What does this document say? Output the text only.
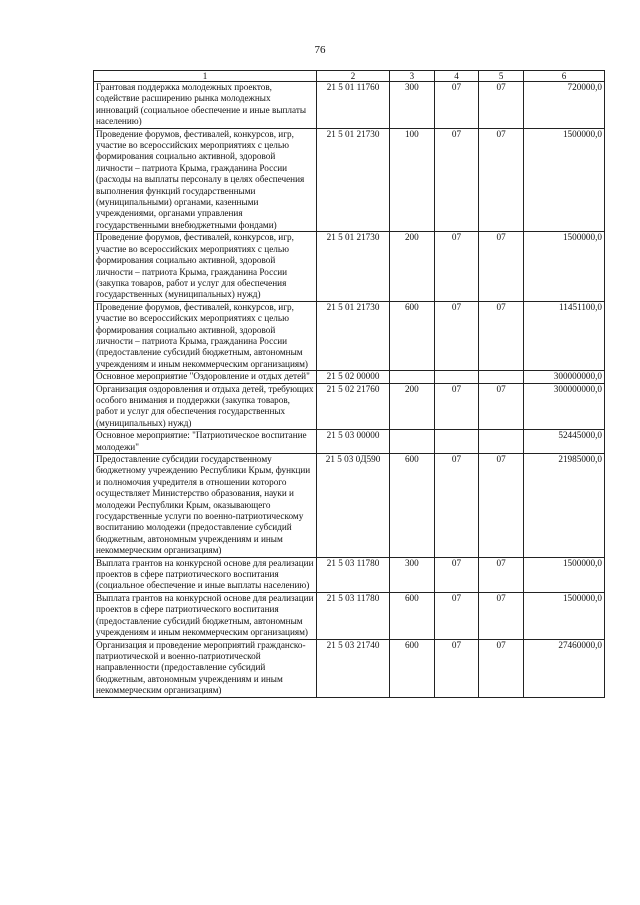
76
1	2	3	4	5	6
Грантовая поддержка молодежных проектов, содействие расширению рынка молодежных инноваций (социальное обеспечение и иные выплаты населению)	21 5 01 11760	300	07	07	720000,0
Проведение форумов, фестивалей, конкурсов, игр, участие во всероссийских мероприятиях с целью формирования социально активной, здоровой личности – патриота Крыма, гражданина России (расходы на выплаты персоналу в целях обеспечения выполнения функций государственными (муниципальными) органами, казенными учреждениями, органами управления государственными внебюджетными фондами)	21 5 01 21730	100	07	07	1500000,0
Проведение форумов, фестивалей, конкурсов, игр, участие во всероссийских мероприятиях с целью формирования социально активной, здоровой личности – патриота Крыма, гражданина России (закупка товаров, работ и услуг для обеспечения государственных (муниципальных) нужд)	21 5 01 21730	200	07	07	1500000,0
Проведение форумов, фестивалей, конкурсов, игр, участие во всероссийских мероприятиях с целью формирования социально активной, здоровой личности – патриота Крыма, гражданина России (предоставление субсидий бюджетным, автономным учреждениям и иным некоммерческим организациям)	21 5 01 21730	600	07	07	11451100,0
Основное мероприятие "Оздоровление и отдых детей"	21 5 02 00000				300000000,0
Организация оздоровления и отдыха детей, требующих особого внимания и поддержки (закупка товаров, работ и услуг для обеспечения государственных (муниципальных) нужд)	21 5 02 21760	200	07	07	300000000,0
Основное мероприятие: "Патриотическое воспитание молодежи"	21 5 03 00000				52445000,0
Предоставление субсидии государственному бюджетному учреждению Республики Крым, функции и полномочия учредителя в отношении которого осуществляет Министерство образования, науки и молодежи Республики Крым, оказывающего государственные услуги по военно-патриотическому воспитанию молодежи (предоставление субсидий бюджетным, автономным учреждениям и иным некоммерческим организациям)	21 5 03 0Д590	600	07	07	21985000,0
Выплата грантов на конкурсной основе для реализации проектов в сфере патриотического воспитания (социальное обеспечение и иные выплаты населению)	21 5 03 11780	300	07	07	1500000,0
Выплата грантов на конкурсной основе для реализации проектов в сфере патриотического воспитания (предоставление субсидий бюджетным, автономным учреждениям и иным некоммерческим организациям)	21 5 03 11780	600	07	07	1500000,0
Организация и проведение мероприятий гражданско-патриотической и военно-патриотической направленности (предоставление субсидий бюджетным, автономным учреждениям и иным некоммерческим организациям)	21 5 03 21740	600	07	07	27460000,0
